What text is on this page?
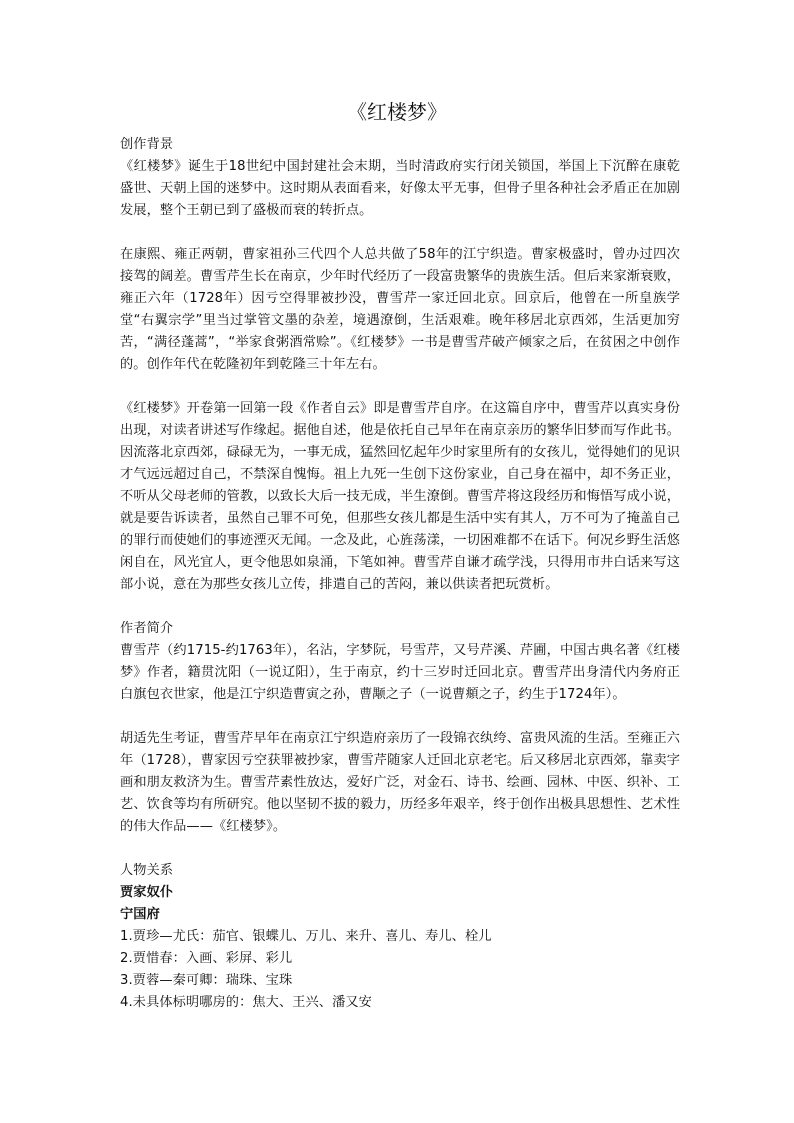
《红楼梦》

创作背景

《红楼梦》诞生于18世纪中国封建社会末期，当时清政府实行闭关锁国，举国上下沉醉在康乾盛世、天朝上国的迷梦中。这时期从表面看来，好像太平无事，但骨子里各种社会矛盾正在加剧发展，整个王朝已到了盛极而衰的转折点。

在康熙、雍正两朝，曹家祖孙三代四个人总共做了58年的江宁织造。曹家极盛时，曾办过四次接驾的阔差。曹雪芹生长在南京，少年时代经历了一段富贵繁华的贵族生活。但后来家渐衰败，雍正六年（1728年）因亏空得罪被抄没，曹雪芹一家迁回北京。回京后，他曾在一所皇族学堂“右翼宗学”里当过掌管文墨的杂差，境遇潦倒，生活艰难。晚年移居北京西郊，生活更加穷苦，“满径蓬蒿”，“举家食粥酒常赊”。《红楼梦》一书是曹雪芹破产倾家之后，在贫困之中创作的。创作年代在乾隆初年到乾隆三十年左右。

《红楼梦》开卷第一回第一段《作者自云》即是曹雪芹自序。在这篇自序中，曹雪芹以真实身份出现，对读者讲述写作缘起。据他自述，他是依托自己早年在南京亲历的繁华旧梦而写作此书。因流落北京西郊，碌碌无为，一事无成，猛然回忆起年少时家里所有的女孩儿，觉得她们的见识才气远远超过自己，不禁深自愧悔。祖上九死一生创下这份家业，自己身在福中，却不务正业，不听从父母老师的管教，以致长大后一技无成，半生潦倒。曹雪芹将这段经历和悔悟写成小说，就是要告诉读者，虽然自己罪不可免，但那些女孩儿都是生活中实有其人，万不可为了掩盖自己的罪行而使她们的事迹湮灭无闻。一念及此，心旌荡漾，一切困难都不在话下。何况乡野生活悠闲自在，风光宜人，更令他思如泉涌，下笔如神。曹雪芹自谦才疏学浅，只得用市井白话来写这部小说，意在为那些女孩儿立传，排遣自己的苦闷，兼以供读者把玩赏析。

作者简介

曹雪芹（约1715-约1763年），名沾，字梦阮，号雪芹，又号芹溪、芹圃，中国古典名著《红楼梦》作者，籍贯沈阳（一说辽阳），生于南京，约十三岁时迁回北京。曹雪芹出身清代内务府正白旗包衣世家，他是江宁织造曹寅之孙，曹颙之子（一说曹頫之子，约生于1724年）。

胡适先生考证，曹雪芹早年在南京江宁织造府亲历了一段锦衣纨绔、富贵风流的生活。至雍正六年（1728），曹家因亏空获罪被抄家，曹雪芹随家人迁回北京老宅。后又移居北京西郊，靠卖字画和朋友救济为生。曹雪芹素性放达，爱好广泛，对金石、诗书、绘画、园林、中医、织补、工艺、饮食等均有所研究。他以坚韧不拔的毅力，历经多年艰辛，终于创作出极具思想性、艺术性的伟大作品——《红楼梦》。

人物关系

贾家奴仆

宁国府

1.贾珍—尤氏：茄官、银蝶儿、万儿、来升、喜儿、寿儿、栓儿

2.贾惜春：入画、彩屏、彩儿

3.贾蓉—秦可卿：瑞珠、宝珠

4.未具体标明哪房的：焦大、王兴、潘又安
